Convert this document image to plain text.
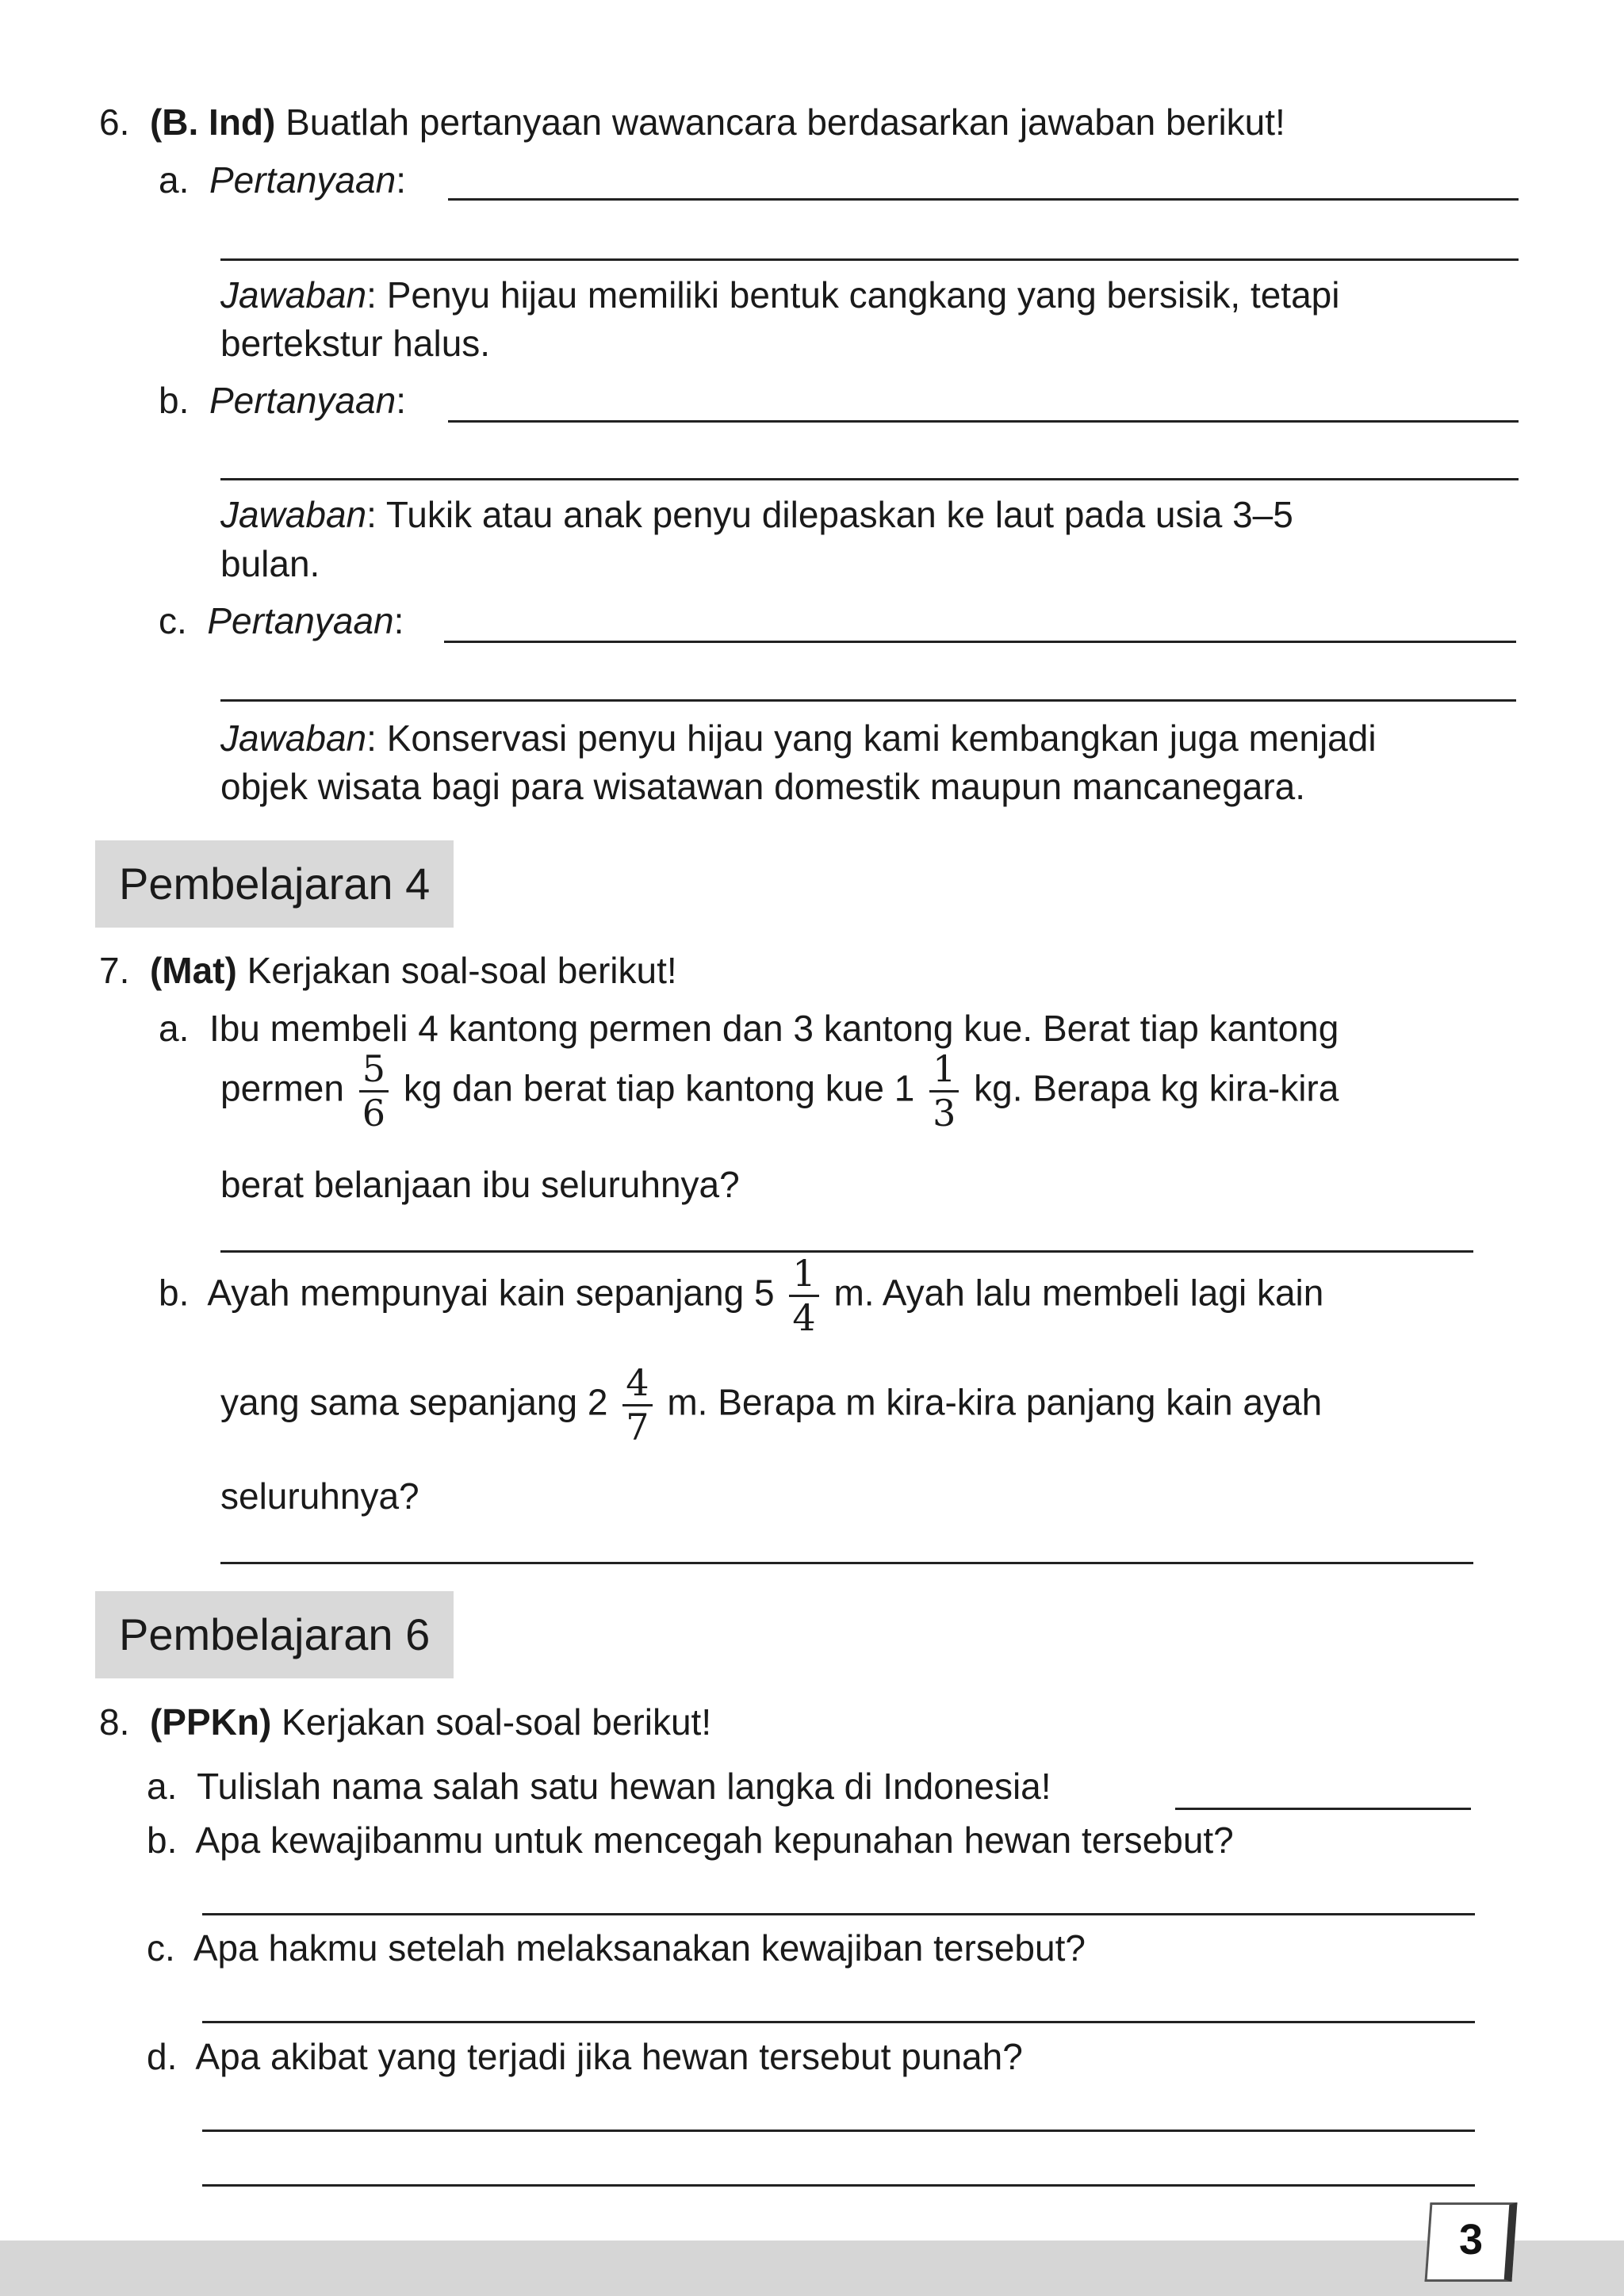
6. (B. Ind) Buatlah pertanyaan wawancara berdasarkan jawaban berikut!
a. Pertanyaan:
Jawaban: Penyu hijau memiliki bentuk cangkang yang bersisik, tetapi
bertekstur halus.
b. Pertanyaan:
Jawaban: Tukik atau anak penyu dilepaskan ke laut pada usia 3–5
bulan.
c. Pertanyaan:
Jawaban: Konservasi penyu hijau yang kami kembangkan juga menjadi
objek wisata bagi para wisatawan domestik maupun mancanegara.
Pembelajaran 4
7. (Mat) Kerjakan soal-soal berikut!
a. Ibu membeli 4 kantong permen dan 3 kantong kue. Berat tiap kantong
permen $\frac{5}{6}$ kg dan berat tiap kantong kue $1 \frac{1}{3}$ kg. Berapa kg kira-kira
berat belanjaan ibu seluruhnya?
b. Ayah mempunyai kain sepanjang $5 \frac{1}{4} m$. Ayah lalu membeli lagi kain
yang sama sepanjang $2 \frac{4}{7} m$. Berapa m kira-kira panjang kain ayah
seluruhnya?
Pembelajaran 6
8. (PPKn) Kerjakan soal-soal berikut!
a. Tulislah nama salah satu hewan langka di Indonesia!
b. Apa kewajibanmu untuk mencegah kepunahan hewan tersebut?
c. Apa hakmu setelah melaksanakan kewajiban tersebut?
d. Apa akibat yang terjadi jika hewan tersebut punah?
3
